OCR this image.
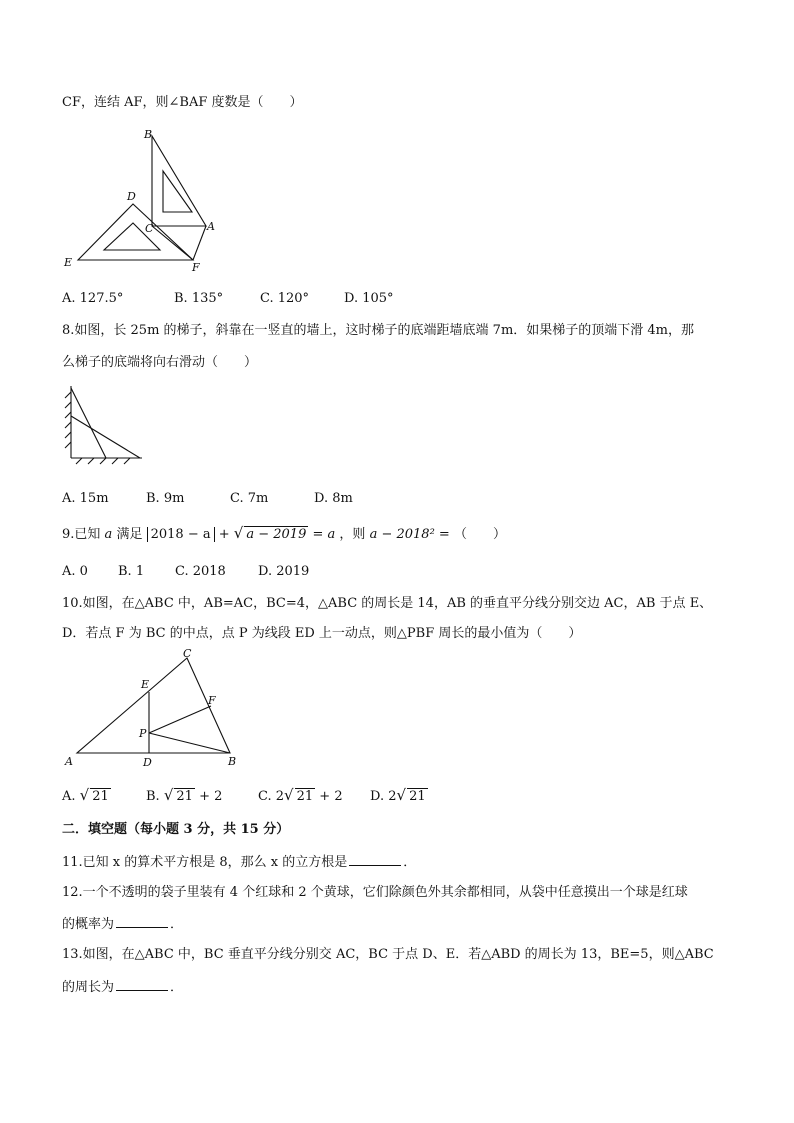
CF，连结 AF，则∠BAF 度数是（　　）
B
D
C	A
E	F
A. 127.5°	B. 135°	C. 120°	D. 105°
8.如图，长 25m 的梯子，斜靠在一竖直的墙上，这时梯子的底端距墙底端 7m．如果梯子的顶端下滑 4m，那
么梯子的底端将向右滑动（　　）
A. 15m	B. 9m	C. 7m	D. 8m
9.已知 a 满足 2018 − a + √ a − 2019 = a ，则 a − 2018² = （　　）
A. 0 B. 1 C. 2018 D. 2019
10.如图，在△ABC 中，AB=AC，BC=4，△ABC 的周长是 14，AB 的垂直平分线分别交边 AC，AB 于点 E、
D．若点 F 为 BC 的中点，点 P 为线段 ED 上一动点，则△PBF 周长的最小值为（　　）
C
E
F
P
A	D	B
A. √ 21	B. √ 21 + 2	C. 2√ 21 + 2 D. 2√ 21
二．填空题（每小题 3 分，共 15 分）
11.已知 x 的算术平方根是 8，那么 x 的立方根是	．
12.一个不透明的袋子里装有 4 个红球和 2 个黄球，它们除颜色外其余都相同，从袋中任意摸出一个球是红球
的概率为	．
13.如图，在△ABC 中，BC 垂直平分线分别交 AC，BC 于点 D、E．若△ABD 的周长为 13，BE=5，则△ABC
的周长为	．
